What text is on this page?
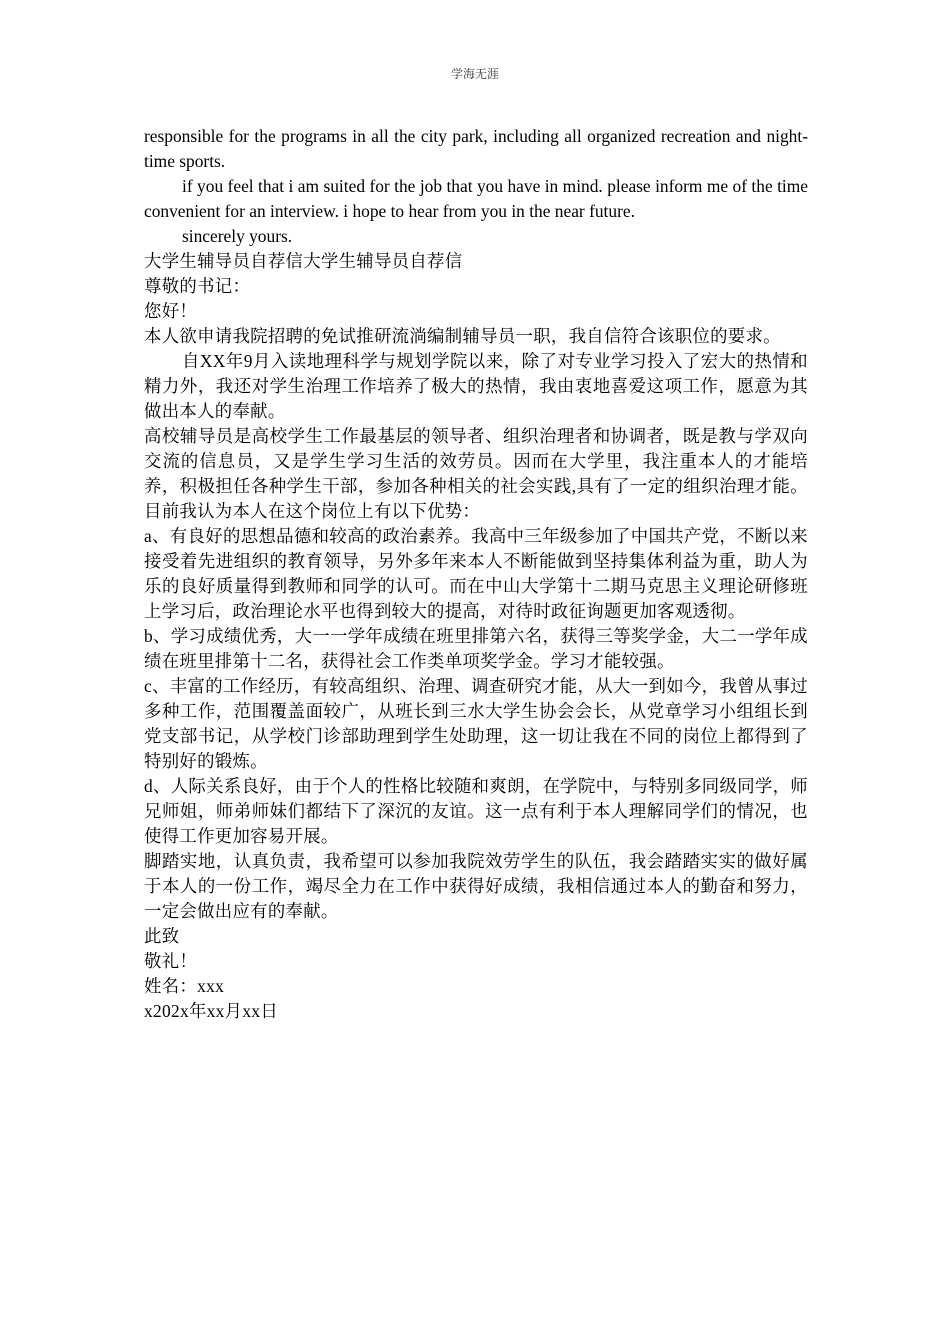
学海无涯

responsible for the programs in all the city park, including all organized recreation and night-time sports.

if you feel that i am suited for the job that you have in mind. please inform me of the time convenient for an interview. i hope to hear from you in the near future.

sincerely yours.

大学生辅导员自荐信大学生辅导员自荐信

尊敬的书记：

您好！

本人欲申请我院招聘的免试推研流淌编制辅导员一职，我自信符合该职位的要求。

自XX年9月入读地理科学与规划学院以来，除了对专业学习投入了宏大的热情和精力外，我还对学生治理工作培养了极大的热情，我由衷地喜爱这项工作，愿意为其做出本人的奉献。

高校辅导员是高校学生工作最基层的领导者、组织治理者和协调者，既是教与学双向交流的信息员，又是学生学习生活的效劳员。因而在大学里，我注重本人的才能培养，积极担任各种学生干部，参加各种相关的社会实践,具有了一定的组织治理才能。目前我认为本人在这个岗位上有以下优势：

a、有良好的思想品德和较高的政治素养。我高中三年级参加了中国共产党，不断以来接受着先进组织的教育领导，另外多年来本人不断能做到坚持集体利益为重，助人为乐的良好质量得到教师和同学的认可。而在中山大学第十二期马克思主义理论研修班上学习后，政治理论水平也得到较大的提高，对待时政征询题更加客观透彻。

b、学习成绩优秀，大一一学年成绩在班里排第六名，获得三等奖学金，大二一学年成绩在班里排第十二名，获得社会工作类单项奖学金。学习才能较强。

c、丰富的工作经历，有较高组织、治理、调查研究才能，从大一到如今，我曾从事过多种工作，范围覆盖面较广，从班长到三水大学生协会会长，从党章学习小组组长到党支部书记，从学校门诊部助理到学生处助理，这一切让我在不同的岗位上都得到了特别好的锻炼。

d、人际关系良好，由于个人的性格比较随和爽朗，在学院中，与特别多同级同学，师兄师姐，师弟师妹们都结下了深沉的友谊。这一点有利于本人理解同学们的情况，也使得工作更加容易开展。

脚踏实地，认真负责，我希望可以参加我院效劳学生的队伍，我会踏踏实实的做好属于本人的一份工作，竭尽全力在工作中获得好成绩，我相信通过本人的勤奋和努力，一定会做出应有的奉献。

此致

敬礼！

姓名：xxx

x202x年xx月xx日
